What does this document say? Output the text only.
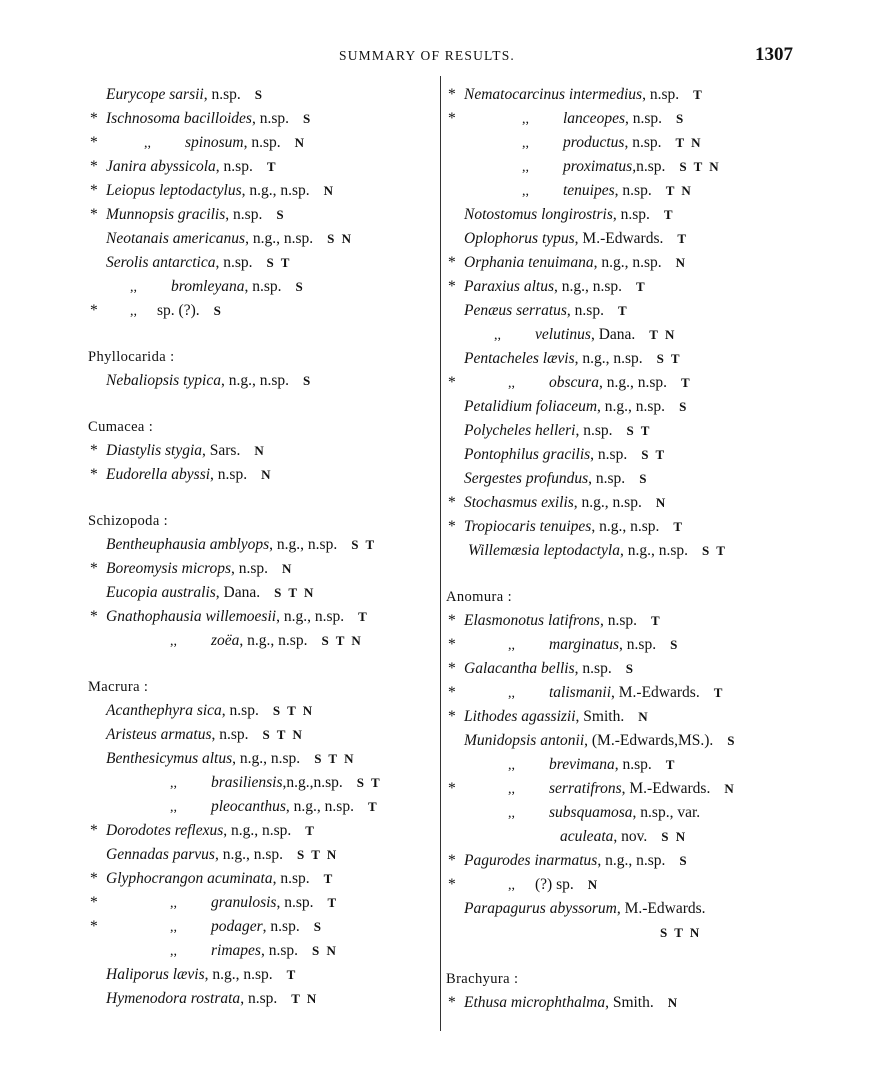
SUMMARY OF RESULTS.	1307
Eurycope sarsii, n.sp. S
* Ischnosoma bacilloides, n.sp. S
*	,, spinosum, n.sp. N
* Janira abyssicola, n.sp. T
* Leiopus leptodactylus, n.g., n.sp. N
* Munnopsis gracilis, n.sp. S
Neotanais americanus, n.g., n.sp. S N
Serolis antarctica, n.sp. S T
,, bromleyana, n.sp. S
* ,, sp. (?). S
Phyllocarida :
Nebaliopsis typica, n.g., n.sp. S
Cumacea :
* Diastylis stygia, Sars. N
* Eudorella abyssi, n.sp. N
Schizopoda :
Bentheuphausia amblyops, n.g., n.sp. S T
* Boreomysis microps, n.sp. N
Eucopia australis, Dana. S T N
* Gnathophausia willemoesii, n.g., n.sp. T
,, zoëa, n.g., n.sp. S T N
Macrura :
Acanthephyra sica, n.sp. S T N
Aristeus armatus, n.sp. S T N
Benthesicymus altus, n.g., n.sp. S T N
,, brasiliensis,n.g.,n.sp. S T
,, pleocanthus, n.g., n.sp. T
* Dorodotes reflexus, n.g., n.sp. T
Gennadas parvus, n.g., n.sp. S T N
* Glyphocrangon acuminata, n.sp. T
*	,, granulosis, n.sp. T
*	,, podager, n.sp. S
,, rimapes, n.sp. S N
Haliporus lævis, n.g., n.sp. T
Hymenodora rostrata, n.sp. T N
* Nematocarcinus intermedius, n.sp. T
*	,, lanceopes, n.sp. S
,, productus, n.sp. T N
,, proximatus,n.sp. S T N
,, tenuipes, n.sp. T N
Notostomus longirostris, n.sp. T
Oplophorus typus, M.-Edwards. T
* Orphania tenuimana, n.g., n.sp. N
* Paraxius altus, n.g., n.sp. T
Penæus serratus, n.sp. T
,, velutinus, Dana. T N
Pentacheles lævis, n.g., n.sp. S T
*	,, obscura, n.g., n.sp. T
Petalidium foliaceum, n.g., n.sp. S
Polycheles helleri, n.sp. S T
Pontophilus gracilis, n.sp. S T
Sergestes profundus, n.sp. S
* Stochasmus exilis, n.g., n.sp. N
* Tropiocaris tenuipes, n.g., n.sp. T
Willemæsia leptodactyla, n.g., n.sp. S T
Anomura :
* Elasmonotus latifrons, n.sp. T
*	,, marginatus, n.sp. S
* Galacantha bellis, n.sp. S
*	,, talismanii, M.-Edwards. T
* Lithodes agassizii, Smith. N
Munidopsis antonii, (M.-Edwards,MS.). S
,, brevimana, n.sp. T
*	,, serratifrons, M.-Edwards. N
,, subsquamosa, n.sp., var.
aculeata, nov. S N
* Pagurodes inarmatus, n.g., n.sp. S
*	,, (?) sp. N
Parapagurus abyssorum, M.-Edwards.
S T N
Brachyura :
* Ethusa microphthalma, Smith. N
